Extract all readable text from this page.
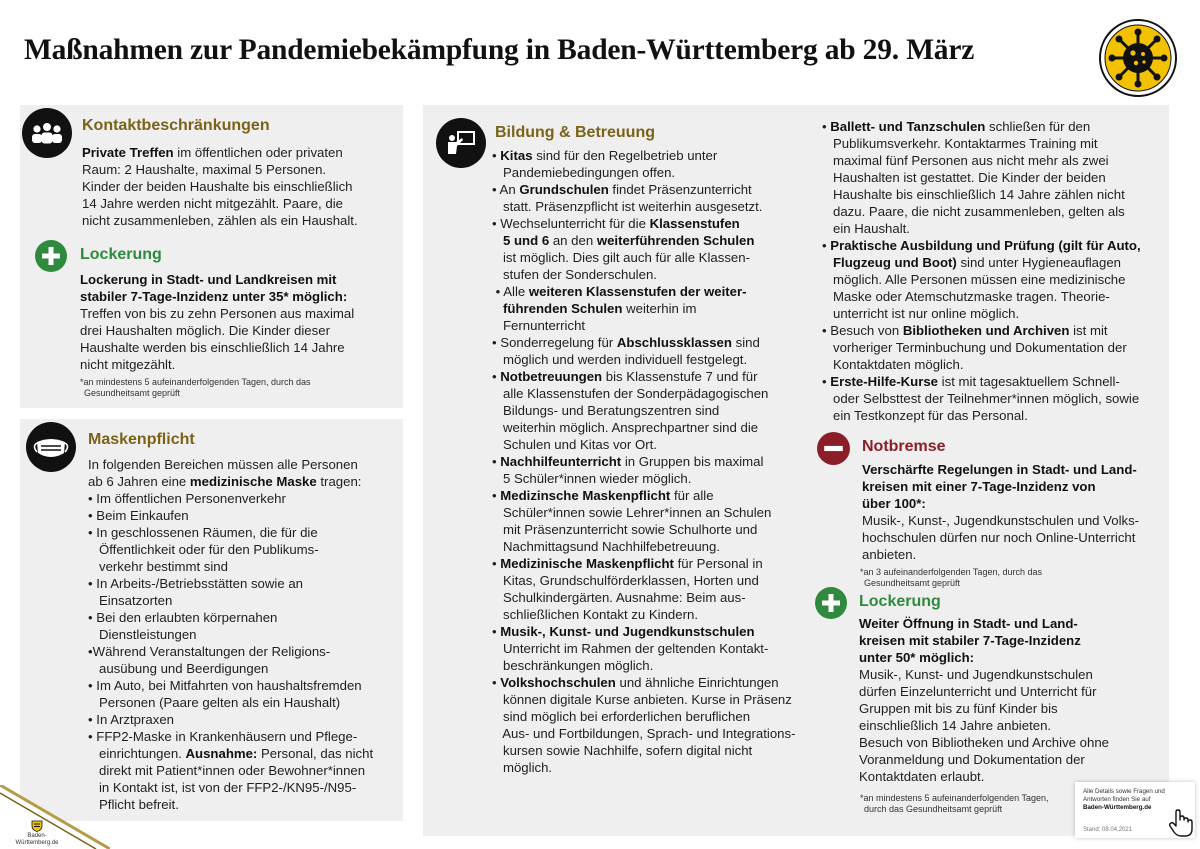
Maßnahmen zur Pandemiebekämpfung in Baden-Württemberg ab 29. März
Kontaktbeschränkungen
Private Treffen im öffentlichen oder privaten
Raum: 2 Haushalte, maximal 5 Personen.
Kinder der beiden Haushalte bis einschließlich
14 Jahre werden nicht mitgezählt. Paare, die
nicht zusammenleben, zählen als ein Haushalt.
Lockerung
Lockerung in Stadt- und Landkreisen mit
stabiler 7-Tage-Inzidenz unter 35* möglich:
Treffen von bis zu zehn Personen aus maximal
drei Haushalten möglich. Die Kinder dieser
Haushalte werden bis einschließlich 14 Jahre
nicht mitgezählt.
*an mindestens 5 aufeinanderfolgenden Tagen, durch das
Gesundheitsamt geprüft
Maskenpflicht
In folgenden Bereichen müssen alle Personen
ab 6 Jahren eine medizinische Maske tragen:
• Im öffentlichen Personenverkehr
• Beim Einkaufen
• In geschlossenen Räumen, die für die
Öffentlichkeit oder für den Publikums-
verkehr bestimmt sind
• In Arbeits-/Betriebsstätten sowie an
Einsatzorten
• Bei den erlaubten körpernahen
Dienstleistungen
•Während Veranstaltungen der Religions-
ausübung und Beerdigungen
• Im Auto, bei Mitfahrten von haushaltsfremden
Personen (Paare gelten als ein Haushalt)
• In Arztpraxen
• FFP2-Maske in Krankenhäusern und Pflege-
einrichtungen. Ausnahme: Personal, das nicht
direkt mit Patient*innen oder Bewohner*innen
in Kontakt ist, ist von der FFP2-/KN95-/N95-
Pflicht befreit.
Bildung & Betreuung
• Kitas sind für den Regelbetrieb unter
Pandemiebedingungen offen.
• An Grundschulen findet Präsenzunterricht
statt. Präsenzpflicht ist weiterhin ausgesetzt.
• Wechselunterricht für die Klassenstufen
5 und 6 an den weiterführenden Schulen
ist möglich. Dies gilt auch für alle Klassen-
stufen der Sonderschulen.
• Alle weiteren Klassenstufen der weiter-
führenden Schulen weiterhin im
Fernunterricht
• Sonderregelung für Abschlussklassen sind
möglich und werden individuell festgelegt.
• Notbetreuungen bis Klassenstufe 7 und für
alle Klassenstufen der Sonderpädagogischen
Bildungs- und Beratungszentren sind
weiterhin möglich. Ansprechpartner sind die
Schulen und Kitas vor Ort.
• Nachhilfeunterricht in Gruppen bis maximal
5 Schüler*innen wieder möglich.
• Medizinsche Maskenpflicht für alle
Schüler*innen sowie Lehrer*innen an Schulen
mit Präsenzunterricht sowie Schulhorte und
Nachmittagsund Nachhilfebetreuung.
• Medizinische Maskenpflicht für Personal in
Kitas, Grundschulförderklassen, Horten und
Schulkindergärten. Ausnahme: Beim aus-
schließlichen Kontakt zu Kindern.
• Musik-, Kunst- und Jugendkunstschulen
Unterricht im Rahmen der geltenden Kontakt-
beschränkungen möglich.
• Volkshochschulen und ähnliche Einrichtungen
können digitale Kurse anbieten. Kurse in Präsenz
sind möglich bei erforderlichen beruflichen
Aus- und Fortbildungen, Sprach- und Integrations-
kursen sowie Nachhilfe, sofern digital nicht
möglich.
• Ballett- und Tanzschulen schließen für den
Publikumsverkehr. Kontaktarmes Training mit
maximal fünf Personen aus nicht mehr als zwei
Haushalten ist gestattet. Die Kinder der beiden
Haushalte bis einschließlich 14 Jahre zählen nicht
dazu. Paare, die nicht zusammenleben, gelten als
ein Haushalt.
• Praktische Ausbildung und Prüfung (gilt für Auto,
Flugzeug und Boot) sind unter Hygieneauflagen
möglich. Alle Personen müssen eine medizinische
Maske oder Atemschutzmaske tragen. Theorie-
unterricht ist nur online möglich.
• Besuch von Bibliotheken und Archiven ist mit
vorheriger Terminbuchung und Dokumentation der
Kontaktdaten möglich.
• Erste-Hilfe-Kurse ist mit tagesaktuellem Schnell-
oder Selbsttest der Teilnehmer*innen möglich, sowie
ein Testkonzept für das Personal.
Notbremse
Verschärfte Regelungen in Stadt- und Land-
kreisen mit einer 7-Tage-Inzidenz von
über 100*:
Musik-, Kunst-, Jugendkunstschulen und Volks-
hochschulen dürfen nur noch Online-Unterricht
anbieten.
*an 3 aufeinanderfolgenden Tagen, durch das
Gesundheitsamt geprüft
Lockerung
Weiter Öffnung in Stadt- und Land-
kreisen mit stabiler 7-Tage-Inzidenz
unter 50* möglich:
Musik-, Kunst- und Jugendkunstschulen
dürfen Einzelunterricht und Unterricht für
Gruppen mit bis zu fünf Kinder bis
einschließlich 14 Jahre anbieten.
Besuch von Bibliotheken und Archive ohne
Voranmeldung und Dokumentation der
Kontaktdaten erlaubt.
*an mindestens 5 aufeinanderfolgenden Tagen,
durch das Gesundheitsamt geprüft
Alle Details sowie Fragen und
Antworten finden Sie auf
Baden-Württemberg.de
Stand: 08.04.2021
Baden-Württemberg.de
